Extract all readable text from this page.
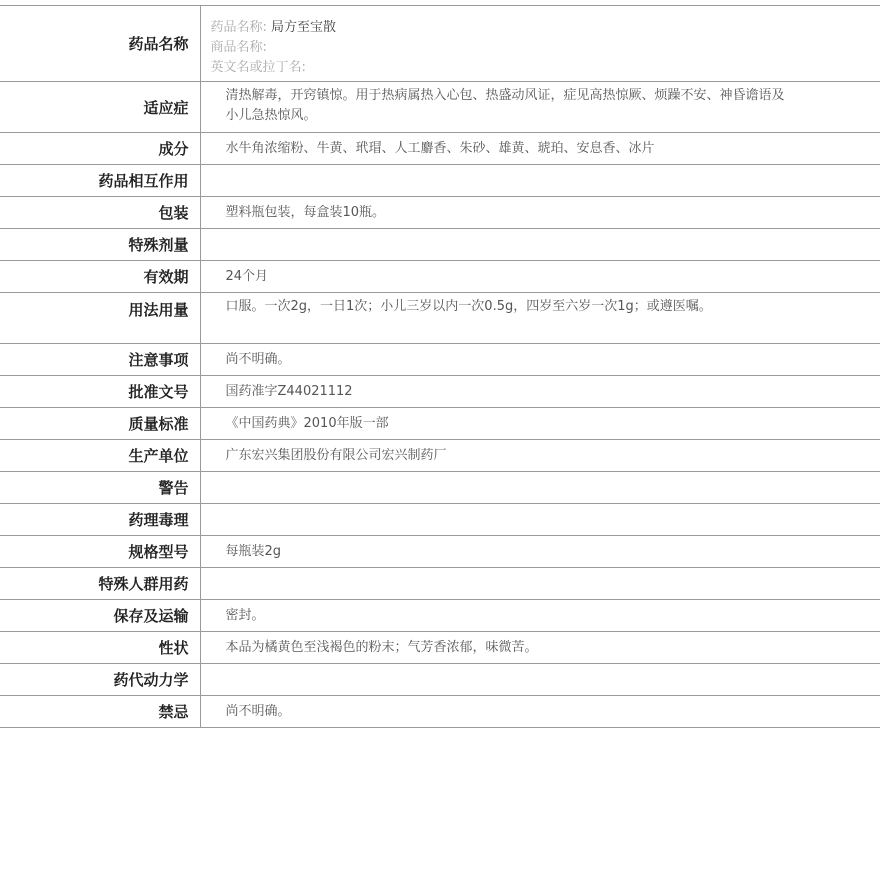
药品名称	药品名称: 局方至宝散
商品名称:
英文名或拉丁名:

适应症	清热解毒，开窍镇惊。用于热病属热入心包、热盛动风证，症见高热惊厥、烦躁不安、神昏谵语及小儿急热惊风。
成分	水牛角浓缩粉、牛黄、玳瑁、人工麝香、朱砂、雄黄、琥珀、安息香、冰片
药品相互作用	
包装	塑料瓶包装，每盒装10瓶。
特殊剂量	
有效期	24个月
用法用量	口服。一次2g，一日1次；小儿三岁以内一次0.5g，四岁至六岁一次1g；或遵医嘱。
注意事项	尚不明确。
批准文号	国药准字Z44021112
质量标准	《中国药典》2010年版一部
生产单位	广东宏兴集团股份有限公司宏兴制药厂
警告	
药理毒理	
规格型号	每瓶装2g
特殊人群用药	
保存及运输	密封。
性状	本品为橘黄色至浅褐色的粉末；气芳香浓郁，味微苦。
药代动力学	
禁忌	尚不明确。
